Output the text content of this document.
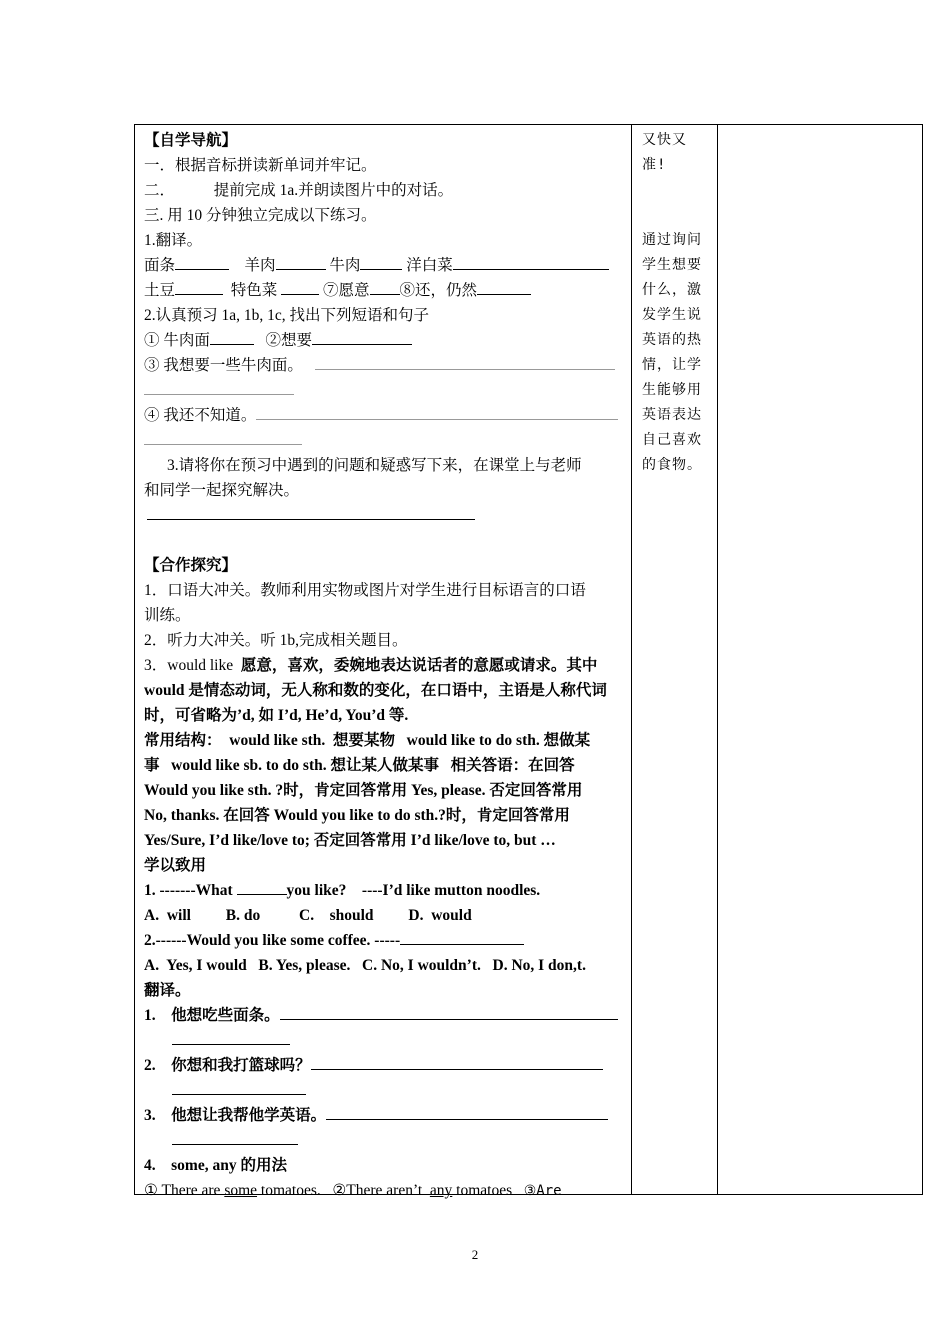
【自学导航】
一．根据音标拼读新单词并牢记。
二．          提前完成 1a.并朗读图片中的对话。
三. 用 10 分钟独立完成以下练习。
1.翻译。
面条	羊肉	牛肉	洋白菜
土豆	特色菜	⑦愿意 ⑧还，仍然
2.认真预习 1a, 1b, 1c, 找出下列短语和句子
① 牛肉面	②想要
③ 我想要一些牛肉面。
④ 我还不知道。
3.请将你在预习中遇到的问题和疑惑写下来，在课堂上与老师
和同学一起探究解决。
【合作探究】
1．口语大冲关。教师利用实物或图片对学生进行目标语言的口语
训练。
2．听力大冲关。听 1b,完成相关题目。
3．would like  愿意，喜欢，委婉地表达说话者的意愿或请求。其中
would 是情态动词，无人称和数的变化，在口语中，主语是人称代词
时，可省略为’d, 如 I’d, He’d, You’d 等.
常用结构：  would like sth.  想要某物   would like to do sth. 想做某
事   would like sb. to do sth. 想让某人做某事   相关答语：在回答
Would you like sth. ?时，肯定回答常用 Yes, please. 否定回答常用
No, thanks. 在回答 Would you like to do sth.?时，肯定回答常用
Yes/Sure, I’d like/love to; 否定回答常用 I’d like/love to, but …
学以致用
1. -------What	you like?    ----I’d like mutton noodles.
A.  will         B. do          C.    should         D.  would
2.------Would you like some coffee. -----
A.  Yes, I would   B. Yes, please.   C. No, I wouldn’t.   D. No, I don,t.
翻译。
1.    他想吃些面条。
2.    你想和我打篮球吗？
3.    他想让我帮他学英语。
4.    some, any 的用法
① There are some tomatoes.   ②There aren’t  any tomatoes   ③Are
又快又
准!
通过询问
学生想要
什么，激
发学生说
英语的热
情，让学
生能够用
英语表达
自己喜欢
的食物。
2
